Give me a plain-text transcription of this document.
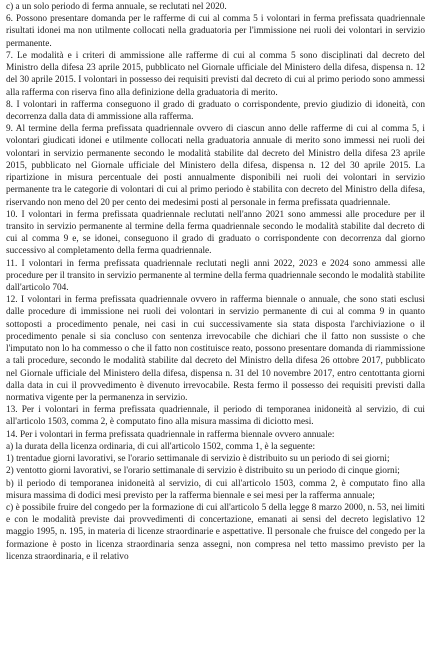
c) a un solo periodo di ferma annuale, se reclutati nel 2020.

6. Possono presentare domanda per le rafferme di cui al comma 5 i volontari in ferma prefissata quadriennale risultati idonei ma non utilmente collocati nella graduatoria per l'immissione nei ruoli dei volontari in servizio permanente.

7. Le modalità e i criteri di ammissione alle rafferme di cui al comma 5 sono disciplinati dal decreto del Ministro della difesa 23 aprile 2015, pubblicato nel Giornale ufficiale del Ministero della difesa, dispensa n. 12 del 30 aprile 2015. I volontari in possesso dei requisiti previsti dal decreto di cui al primo periodo sono ammessi alla rafferma con riserva fino alla definizione della graduatoria di merito.

8. I volontari in rafferma conseguono il grado di graduato o corrispondente, previo giudizio di idoneità, con decorrenza dalla data di ammissione alla rafferma.

9. Al termine della ferma prefissata quadriennale ovvero di ciascun anno delle rafferme di cui al comma 5, i volontari giudicati idonei e utilmente collocati nella graduatoria annuale di merito sono immessi nei ruoli dei volontari in servizio permanente secondo le modalità stabilite dal decreto del Ministro della difesa 23 aprile 2015, pubblicato nel Giornale ufficiale del Ministero della difesa, dispensa n. 12 del 30 aprile 2015. La ripartizione in misura percentuale dei posti annualmente disponibili nei ruoli dei volontari in servizio permanente tra le categorie di volontari di cui al primo periodo è stabilita con decreto del Ministro della difesa, riservando non meno del 20 per cento dei medesimi posti al personale in ferma prefissata quadriennale.

10. I volontari in ferma prefissata quadriennale reclutati nell'anno 2021 sono ammessi alle procedure per il transito in servizio permanente al termine della ferma quadriennale secondo le modalità stabilite dal decreto di cui al comma 9 e, se idonei, conseguono il grado di graduato o corrispondente con decorrenza dal giorno successivo al completamento della ferma quadriennale.

11. I volontari in ferma prefissata quadriennale reclutati negli anni 2022, 2023 e 2024 sono ammessi alle procedure per il transito in servizio permanente al termine della ferma quadriennale secondo le modalità stabilite dall'articolo 704.

12. I volontari in ferma prefissata quadriennale ovvero in rafferma biennale o annuale, che sono stati esclusi dalle procedure di immissione nei ruoli dei volontari in servizio permanente di cui al comma 9 in quanto sottoposti a procedimento penale, nei casi in cui successivamente sia stata disposta l'archiviazione o il procedimento penale si sia concluso con sentenza irrevocabile che dichiari che il fatto non sussiste o che l'imputato non lo ha commesso o che il fatto non costituisce reato, possono presentare domanda di riammissione a tali procedure, secondo le modalità stabilite dal decreto del Ministro della difesa 26 ottobre 2017, pubblicato nel Giornale ufficiale del Ministero della difesa, dispensa n. 31 del 10 novembre 2017, entro centottanta giorni dalla data in cui il provvedimento è divenuto irrevocabile. Resta fermo il possesso dei requisiti previsti dalla normativa vigente per la permanenza in servizio.

13. Per i volontari in ferma prefissata quadriennale, il periodo di temporanea inidoneità al servizio, di cui all'articolo 1503, comma 2, è computato fino alla misura massima di diciotto mesi.

14. Per i volontari in ferma prefissata quadriennale in rafferma biennale ovvero annuale:

a) la durata della licenza ordinaria, di cui all'articolo 1502, comma 1, è la seguente:

1) trentadue giorni lavorativi, se l'orario settimanale di servizio è distribuito su un periodo di sei giorni;

2) ventotto giorni lavorativi, se l'orario settimanale di servizio è distribuito su un periodo di cinque giorni;

b) il periodo di temporanea inidoneità al servizio, di cui all'articolo 1503, comma 2, è computato fino alla misura massima di dodici mesi previsto per la rafferma biennale e sei mesi per la rafferma annuale;

c) è possibile fruire del congedo per la formazione di cui all'articolo 5 della legge 8 marzo 2000, n. 53, nei limiti e con le modalità previste dai provvedimenti di concertazione, emanati ai sensi del decreto legislativo 12 maggio 1995, n. 195, in materia di licenze straordinarie e aspettative. Il personale che fruisce del congedo per la formazione è posto in licenza straordinaria senza assegni, non compresa nel tetto massimo previsto per la licenza straordinaria, e il relativo
